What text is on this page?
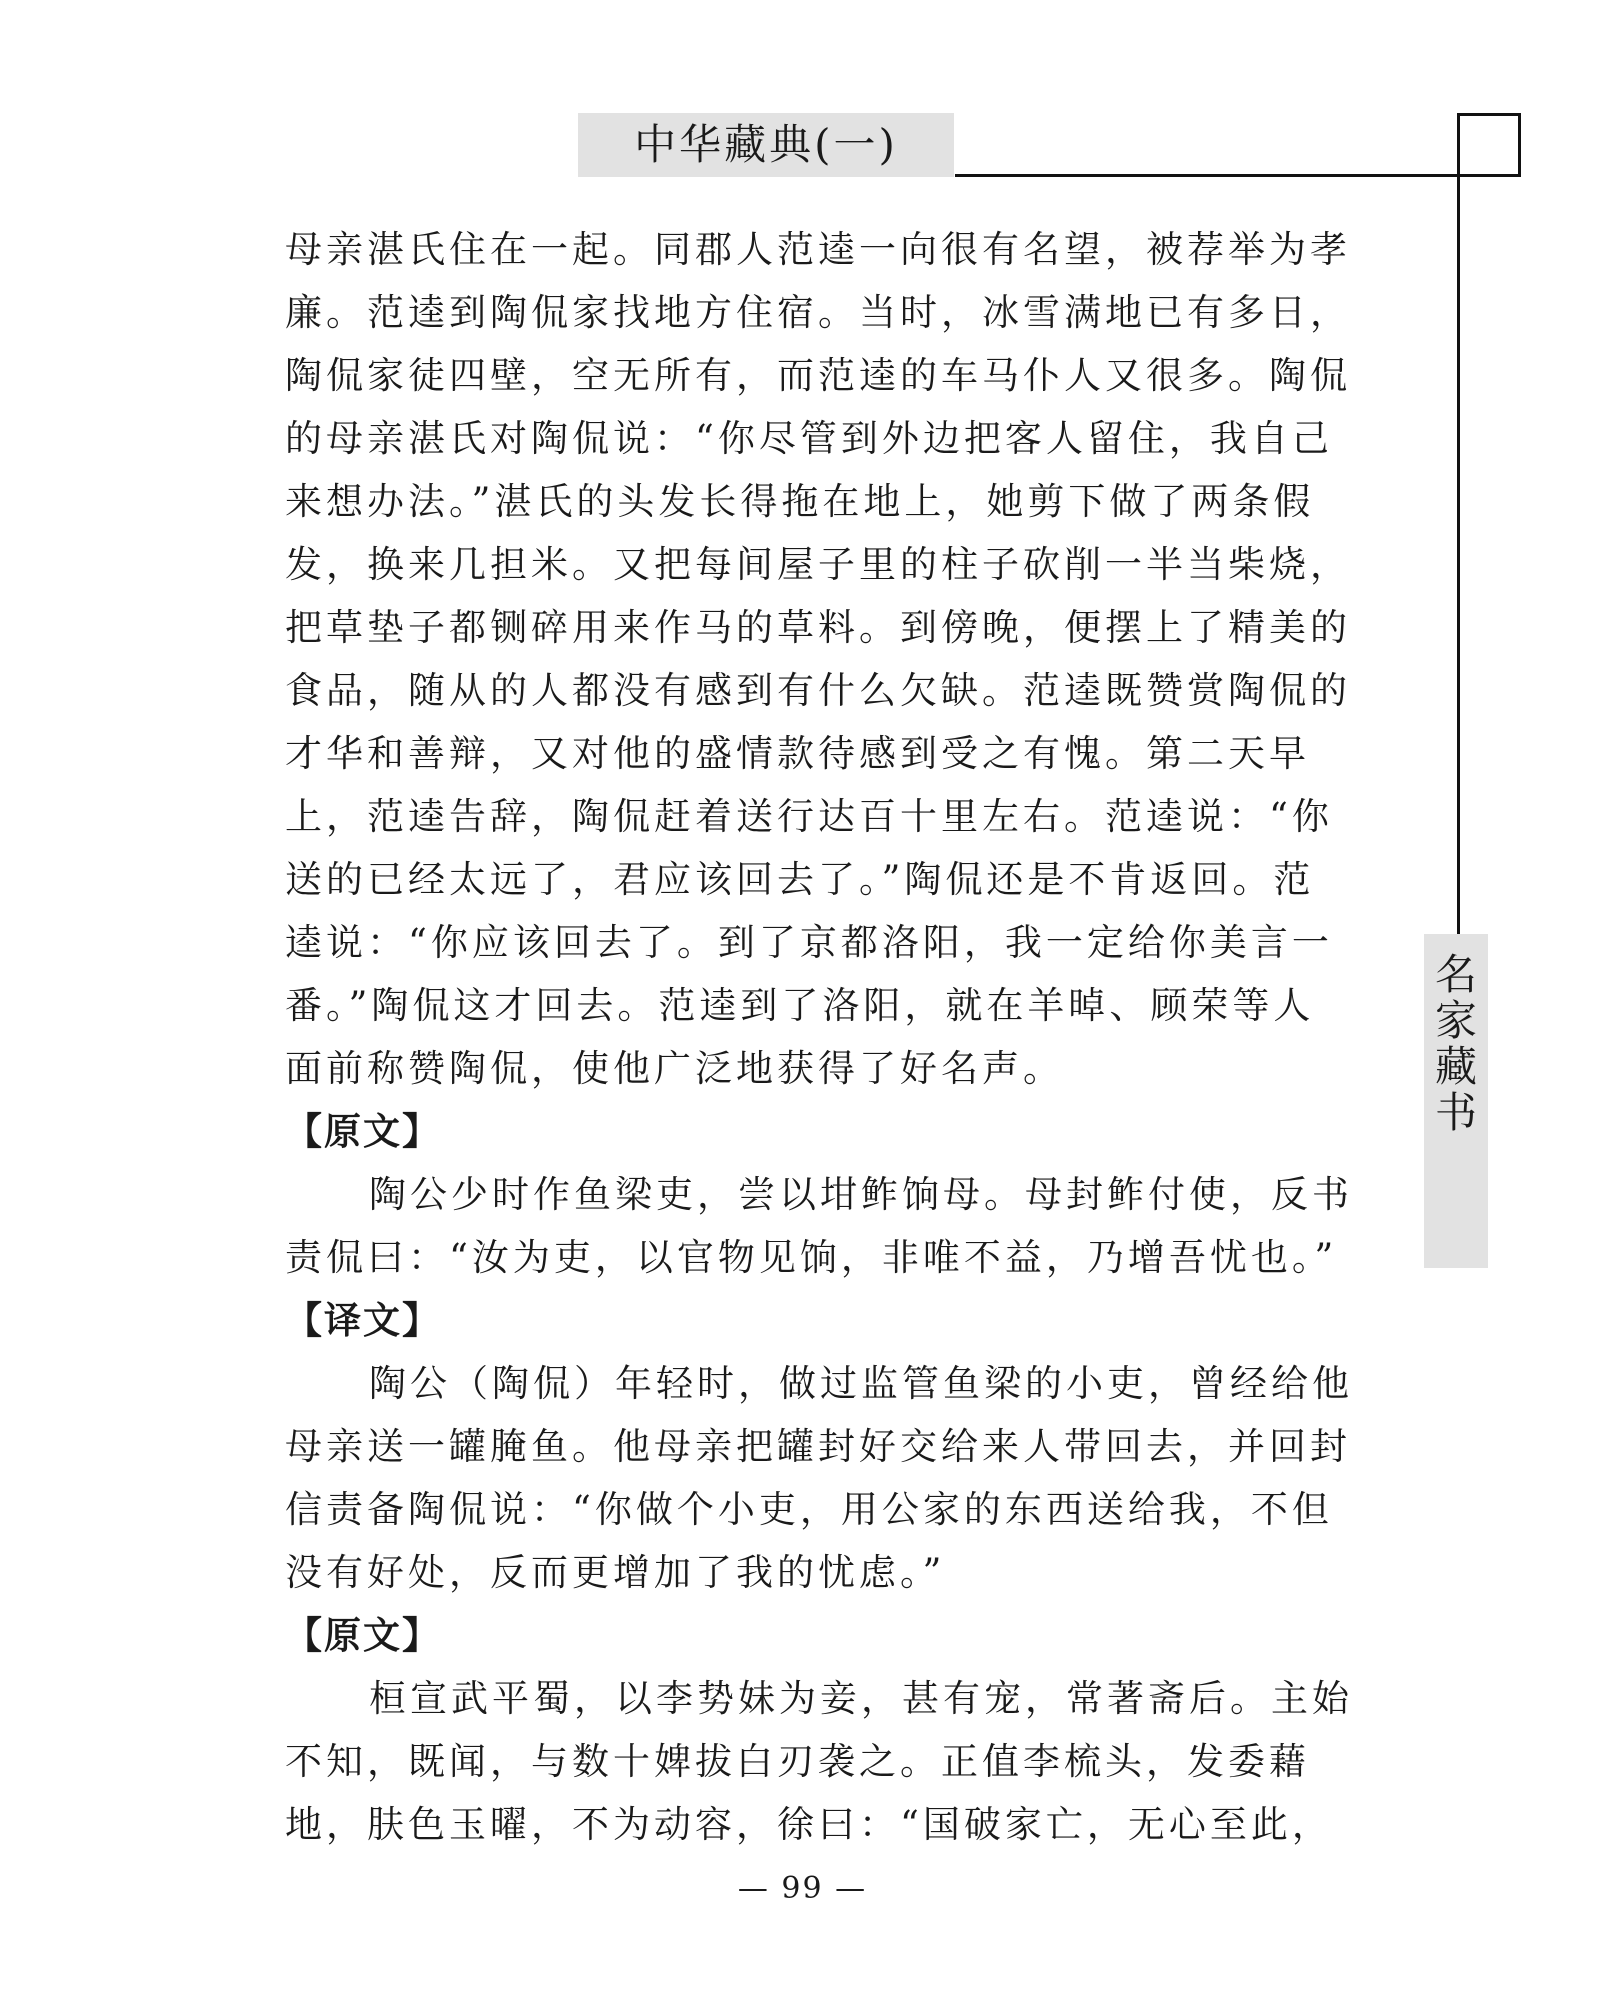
中华藏典(一)
名
家
藏
书
母亲湛氏住在一起。同郡人范逵一向很有名望，被荐举为孝
廉。范逵到陶侃家找地方住宿。当时，冰雪满地已有多日，
陶侃家徒四壁，空无所有，而范逵的车马仆人又很多。陶侃
的母亲湛氏对陶侃说：“你尽管到外边把客人留住，我自己
来想办法。”湛氏的头发长得拖在地上，她剪下做了两条假
发，换来几担米。又把每间屋子里的柱子砍削一半当柴烧，
把草垫子都铡碎用来作马的草料。到傍晚，便摆上了精美的
食品，随从的人都没有感到有什么欠缺。范逵既赞赏陶侃的
才华和善辩，又对他的盛情款待感到受之有愧。第二天早
上，范逵告辞，陶侃赶着送行达百十里左右。范逵说：“你
送的已经太远了，君应该回去了。”陶侃还是不肯返回。范
逵说：“你应该回去了。到了京都洛阳，我一定给你美言一
番。”陶侃这才回去。范逵到了洛阳，就在羊晫、顾荣等人
面前称赞陶侃，使他广泛地获得了好名声。
【原文】
陶公少时作鱼梁吏，尝以坩鲊饷母。母封鲊付使，反书
责侃曰：“汝为吏，以官物见饷，非唯不益，乃增吾忧也。”
【译文】
陶公（陶侃）年轻时，做过监管鱼梁的小吏，曾经给他
母亲送一罐腌鱼。他母亲把罐封好交给来人带回去，并回封
信责备陶侃说：“你做个小吏，用公家的东西送给我，不但
没有好处，反而更增加了我的忧虑。”
【原文】
桓宣武平蜀，以李势妹为妾，甚有宠，常著斋后。主始
不知，既闻，与数十婢拔白刃袭之。正值李梳头，发委藉
地，肤色玉曜，不为动容，徐曰：“国破家亡，无心至此，
— 99 —
